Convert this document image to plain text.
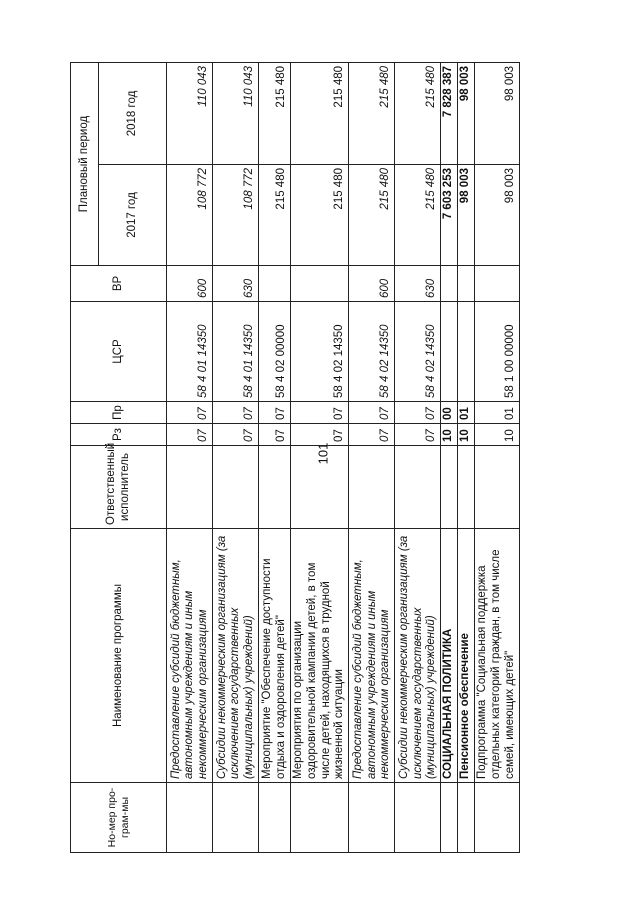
101
Но-мер про-грам-мы	Наименование программы	Ответственный исполнитель	Рз	Пр	ЦСР	ВР	Плановый период	
							2017 год	2018 год
	Предоставление субсидий бюджетным, автономным учреждениям и иным некоммерческим организациям		07	07	58 4 01 14350	600	108 772	110 043
	Субсидии некоммерческим организациям (за исключением государственных (муниципальных) учреждений)		07	07	58 4 01 14350	630	108 772	110 043
	Мероприятие "Обеспечение доступности отдыха и оздоровления детей"		07	07	58 4 02 00000		215 480	215 480
	Мероприятия по организации оздоровительной кампании детей, в том числе детей, находящихся в трудной жизненной ситуации		07	07	58 4 02 14350		215 480	215 480
	Предоставление субсидий бюджетным, автономным учреждениям и иным некоммерческим организациям		07	07	58 4 02 14350	600	215 480	215 480
	Субсидии некоммерческим организациям (за исключением государственных (муниципальных) учреждений)		07	07	58 4 02 14350	630	215 480	215 480
	СОЦИАЛЬНАЯ ПОЛИТИКА		10	00			7 603 253	7 828 387
	Пенсионное обеспечение		10	01			98 003	98 003
	Подпрограмма "Социальная поддержка отдельных категорий граждан, в том числе семей, имеющих детей"		10	01	58 1 00 00000		98 003	98 003
